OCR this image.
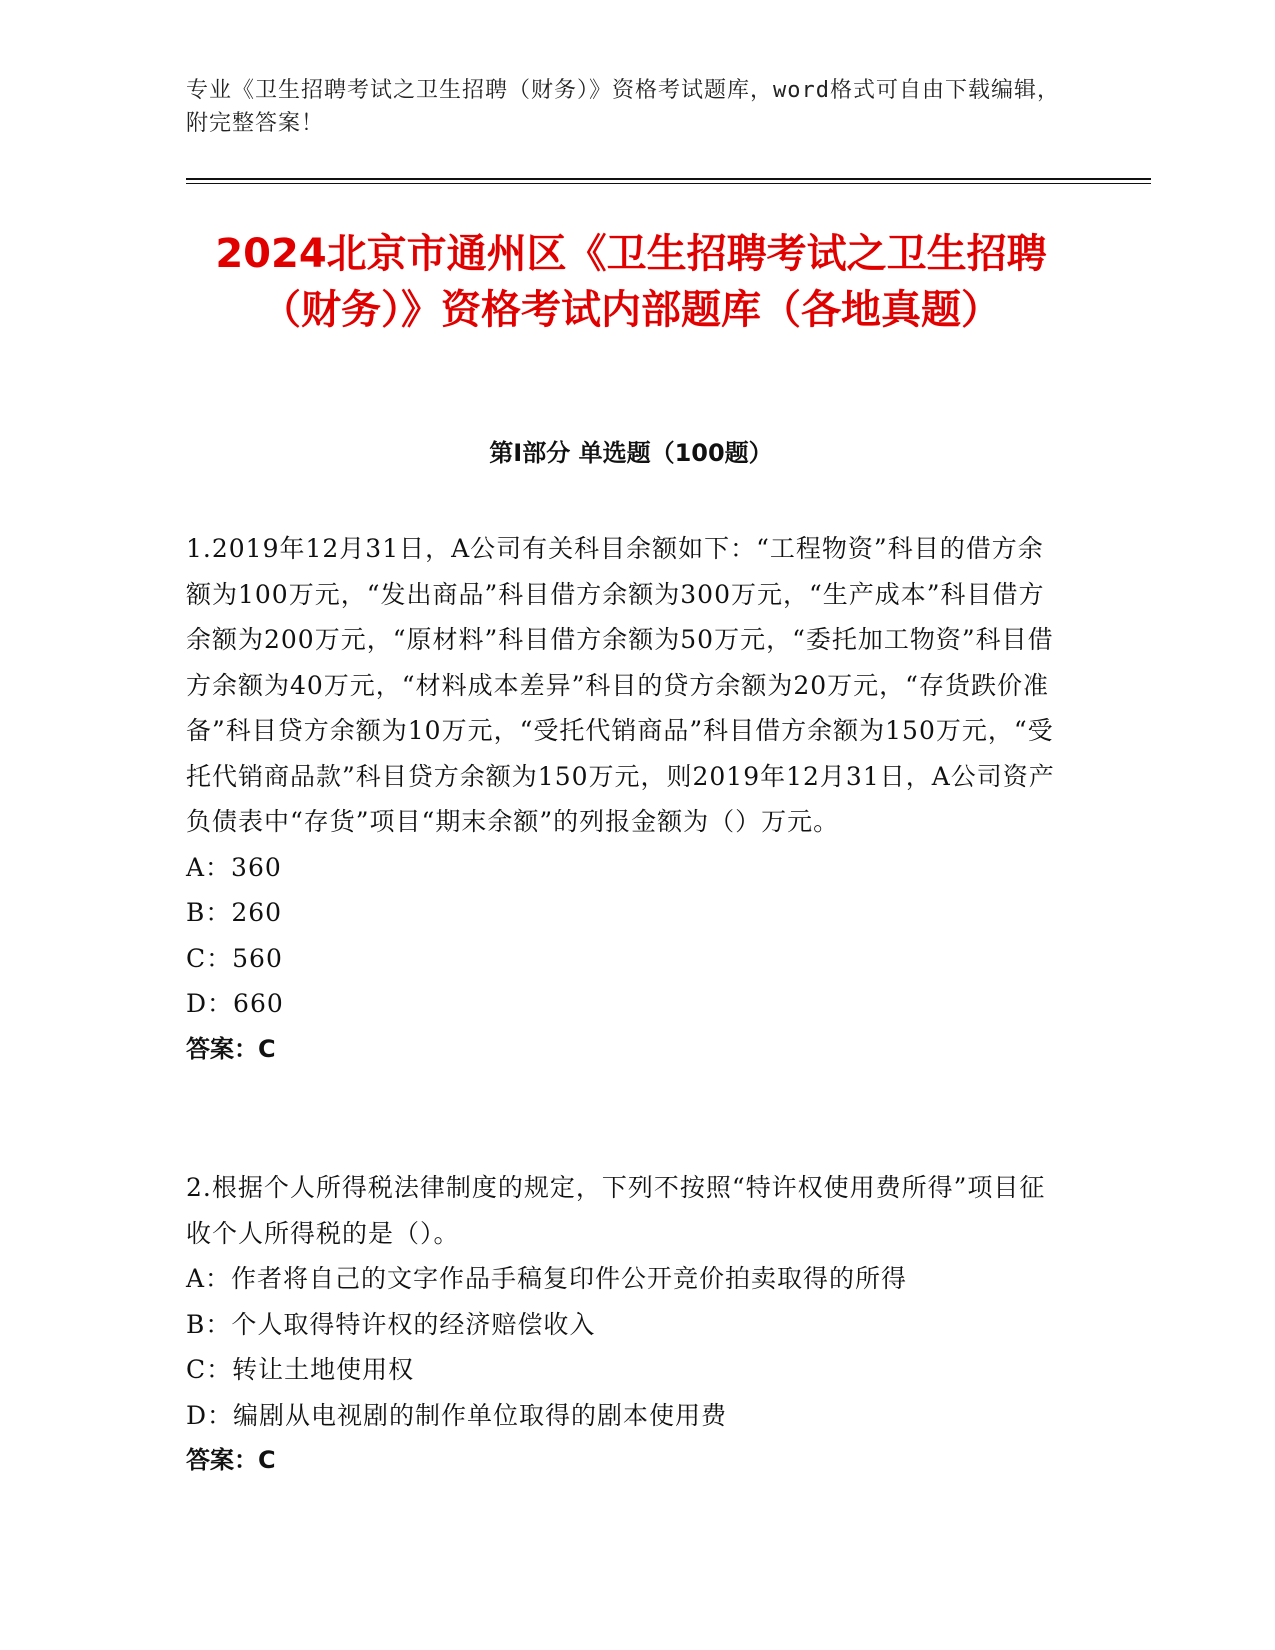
专业《卫生招聘考试之卫生招聘（财务）》资格考试题库，word格式可自由下载编辑，附完整答案！
2024北京市通州区《卫生招聘考试之卫生招聘（财务）》资格考试内部题库（各地真题）
第I部分 单选题（100题）

1.2019年12月31日，A公司有关科目余额如下：“工程物资”科目的借方余额为100万元，“发出商品”科目借方余额为300万元，“生产成本”科目借方余额为200万元，“原材料”科目借方余额为50万元，“委托加工物资”科目借方余额为40万元，“材料成本差异”科目的贷方余额为20万元，“存货跌价准备”科目贷方余额为10万元，“受托代销商品”科目借方余额为150万元，“受托代销商品款”科目贷方余额为150万元，则2019年12月31日，A公司资产负债表中“存货”项目“期末余额”的列报金额为（）万元。

A：360

B：260

C：560

D：660

答案：C

2.根据个人所得税法律制度的规定，下列不按照“特许权使用费所得”项目征收个人所得税的是（）。

A：作者将自己的文字作品手稿复印件公开竞价拍卖取得的所得

B：个人取得特许权的经济赔偿收入

C：转让土地使用权

D：编剧从电视剧的制作单位取得的剧本使用费

答案：C
